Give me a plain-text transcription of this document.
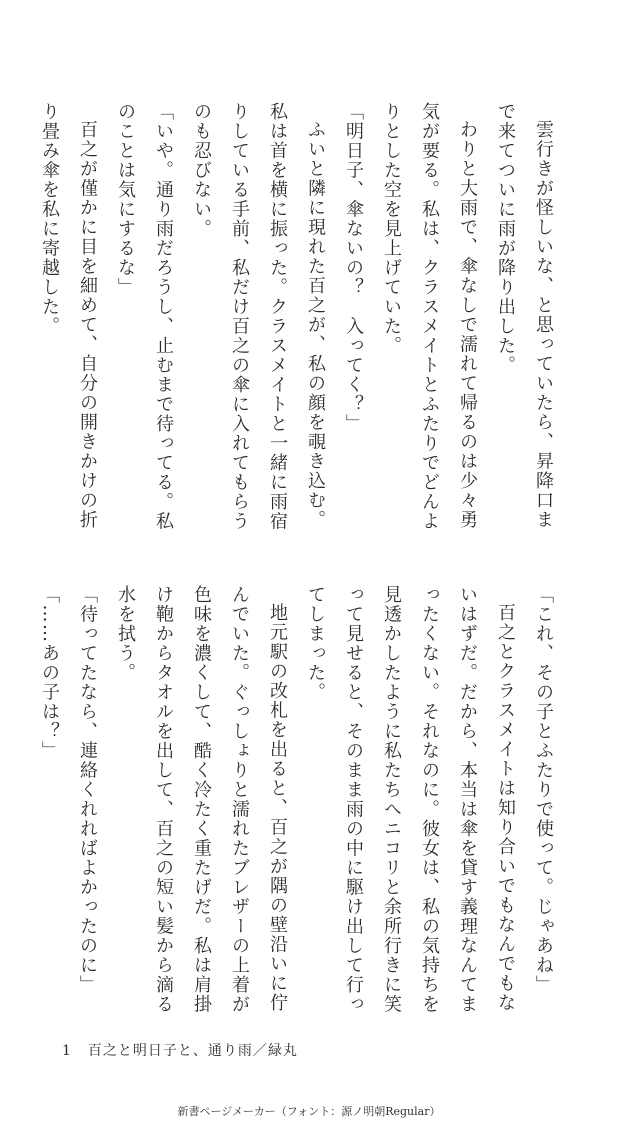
雲行きが怪しいな、と思っていたら、昇降口まで来てついに雨が降り出した。

わりと大雨で、傘なしで濡れて帰るのは少々勇気が要る。私は、クラスメイトとふたりでどんよりとした空を見上げていた。

「明日子、傘ないの？　入ってく？」

ふいと隣に現れた百之が、私の顔を覗き込む。私は首を横に振った。クラスメイトと一緒に雨宿りしている手前、私だけ百之の傘に入れてもらうのも忍びない。

「いや。通り雨だろうし、止むまで待ってる。私のことは気にするな」

百之が僅かに目を細めて、自分の開きかけの折り畳み傘を私に寄越した。

「これ、その子とふたりで使って。じゃあね」

百之とクラスメイトは知り合いでもなんでもないはずだ。だから、本当は傘を貸す義理なんてまったくない。それなのに。彼女は、私の気持ちを見透かしたように私たちへニコリと余所行きに笑って見せると、そのまま雨の中に駆け出して行ってしまった。

地元駅の改札を出ると、百之が隅の壁沿いに佇んでいた。ぐっしょりと濡れたブレザーの上着が色味を濃くして、酷く冷たく重たげだ。私は肩掛け鞄からタオルを出して、百之の短い髪から滴る水を拭う。

「待ってたなら、連絡くれればよかったのに」

「……あの子は？」

1 百之と明日子と、通り雨／緑丸
新書ページメーカー（フォント：源ノ明朝Regular）
